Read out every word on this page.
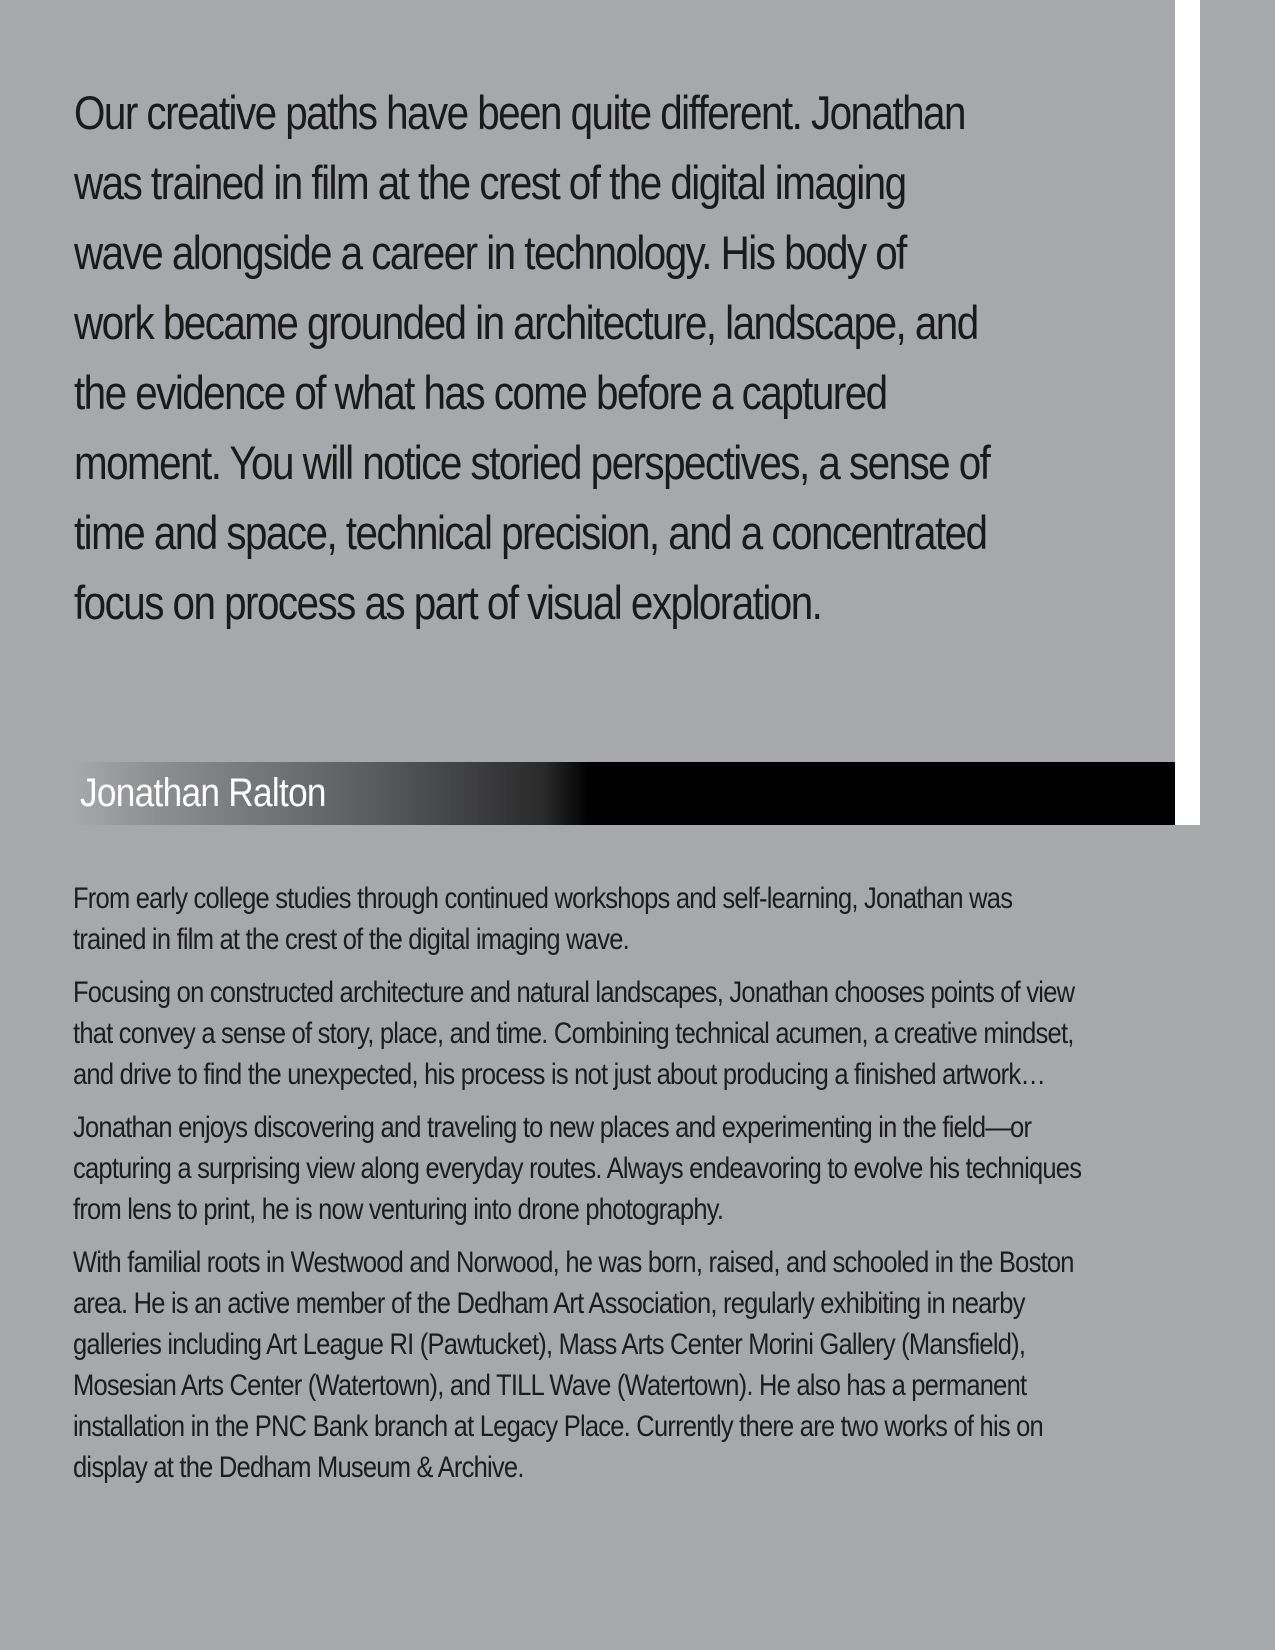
Our creative paths have been quite different. Jonathan was trained in film at the crest of the digital imaging wave alongside a career in technology. His body of work became grounded in architecture, landscape, and the evidence of what has come before a captured moment. You will notice storied perspectives, a sense of time and space, technical precision, and a concentrated focus on process as part of visual exploration.

Jonathan Ralton

From early college studies through continued workshops and self-learning, Jonathan was trained in film at the crest of the digital imaging wave.

Focusing on constructed architecture and natural landscapes, Jonathan chooses points of view that convey a sense of story, place, and time. Combining technical acumen, a creative mindset, and drive to find the unexpected, his process is not just about producing a finished artwork…

Jonathan enjoys discovering and traveling to new places and experimenting in the field—or capturing a surprising view along everyday routes. Always endeavoring to evolve his techniques from lens to print, he is now venturing into drone photography.

With familial roots in Westwood and Norwood, he was born, raised, and schooled in the Boston area. He is an active member of the Dedham Art Association, regularly exhibiting in nearby galleries including Art League RI (Pawtucket), Mass Arts Center Morini Gallery (Mansfield), Mosesian Arts Center (Watertown), and TILL Wave (Watertown). He also has a permanent installation in the PNC Bank branch at Legacy Place. Currently there are two works of his on display at the Dedham Museum & Archive.
